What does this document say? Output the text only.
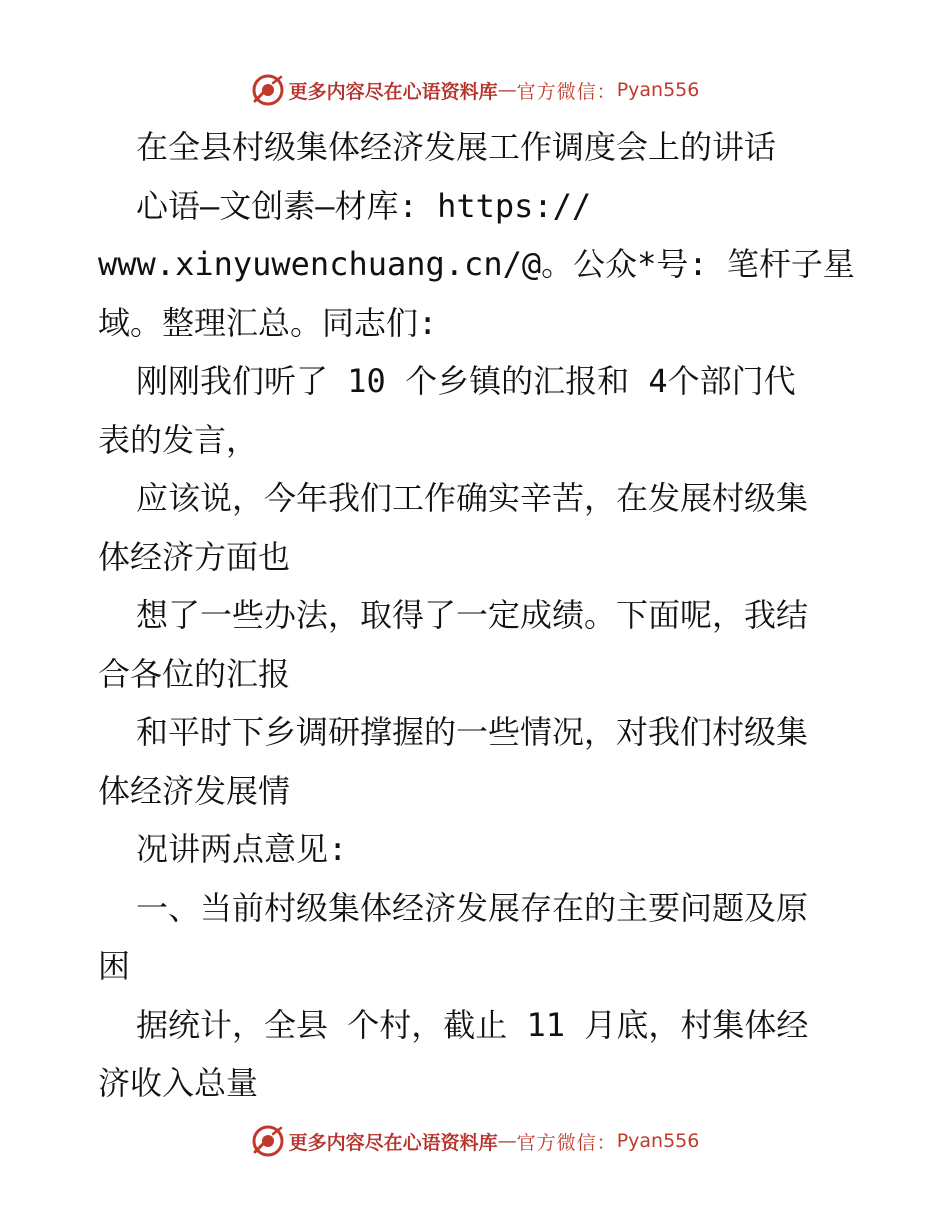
更多内容尽在心语资料库 — 官方微信： Pyan556
在全县村级集体经济发展工作调度会上的讲话
心语—文创素—材库: https://
www.xinyuwenchuang.cn/@。公众*号: 笔杆子星
域。整理汇总。同志们:
刚刚我们听了 10 个乡镇的汇报和 4个部门代
表的发言，
应该说，今年我们工作确实辛苦，在发展村级集
体经济方面也
想了一些办法，取得了一定成绩。下面呢，我结
合各位的汇报
和平时下乡调研撑握的一些情况，对我们村级集
体经济发展情
况讲两点意见:
一、当前村级集体经济发展存在的主要问题及原
困
据统计，全县 个村，截止 11 月底，村集体经
济收入总量
更多内容尽在心语资料库 — 官方微信： Pyan556
